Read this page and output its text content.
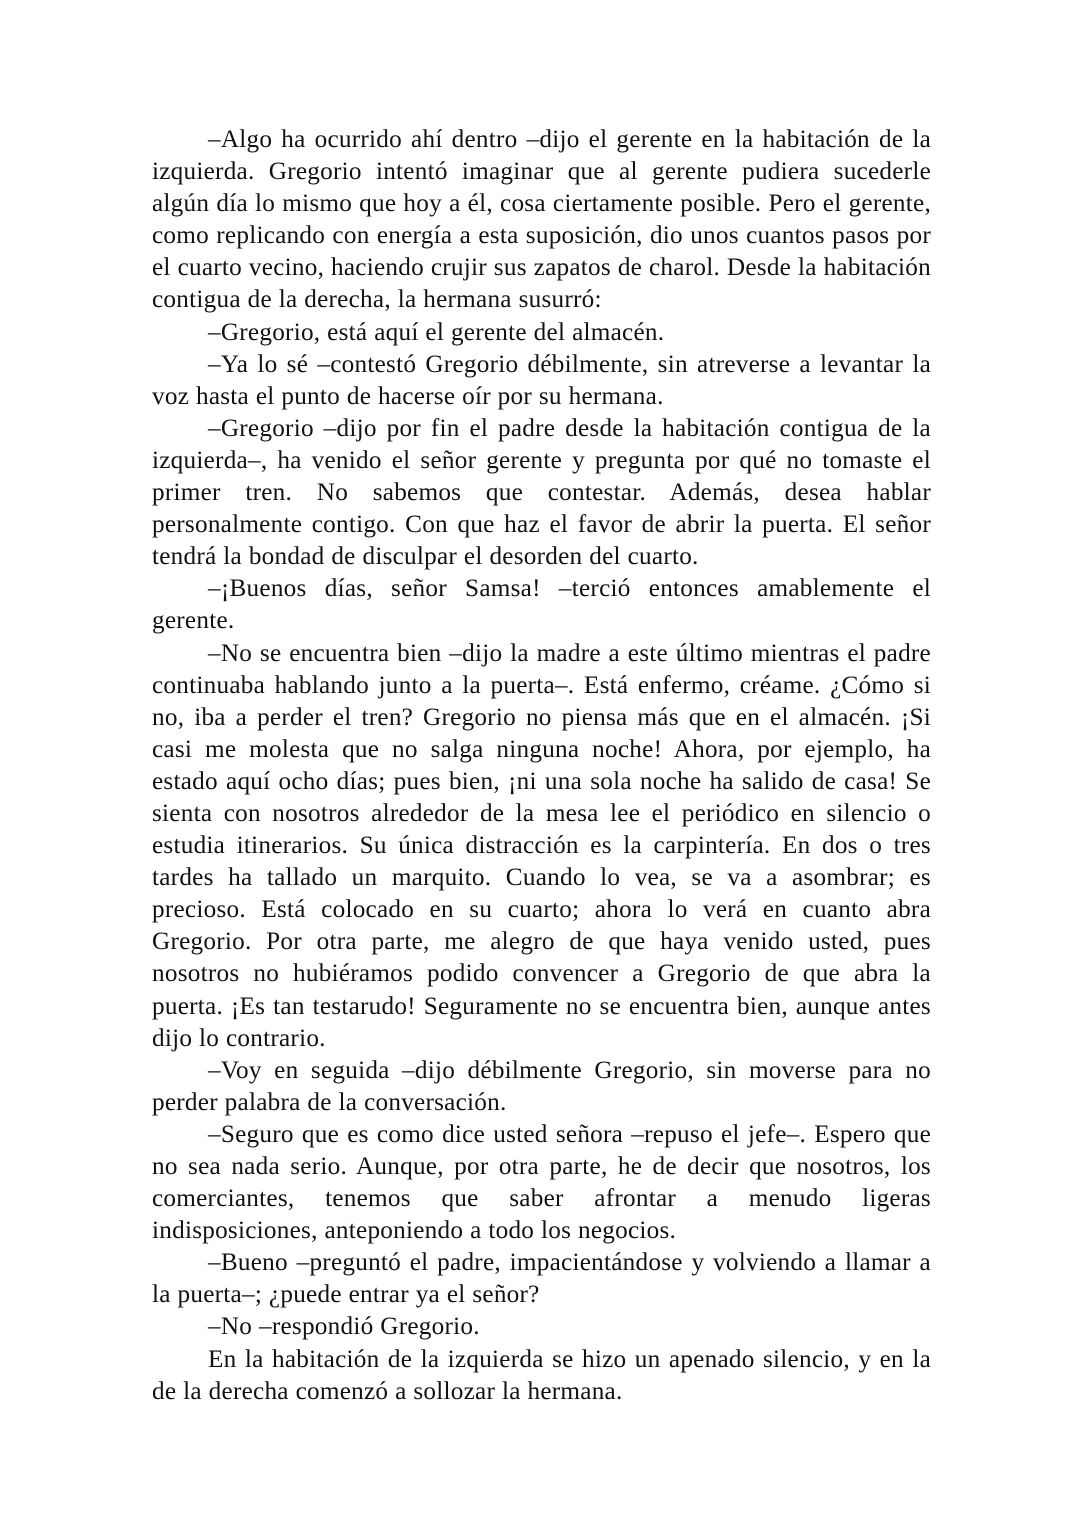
–Algo ha ocurrido ahí dentro –dijo el gerente en la habitación de la izquierda. Gregorio intentó imaginar que al gerente pudiera sucederle algún día lo mismo que hoy a él, cosa ciertamente posible. Pero el gerente, como replicando con energía a esta suposición, dio unos cuantos pasos por el cuarto vecino, haciendo crujir sus zapatos de charol. Desde la habitación contigua de la derecha, la hermana susurró:

–Gregorio, está aquí el gerente del almacén.

–Ya lo sé –contestó Gregorio débilmente, sin atreverse a levantar la voz hasta el punto de hacerse oír por su hermana.

–Gregorio –dijo por fin el padre desde la habitación contigua de la izquierda–, ha venido el señor gerente y pregunta por qué no tomaste el primer tren. No sabemos que contestar. Además, desea hablar personalmente contigo. Con que haz el favor de abrir la puerta. El señor tendrá la bondad de disculpar el desorden del cuarto.

–¡Buenos días, señor Samsa! –terció entonces amablemente el gerente.

–No se encuentra bien –dijo la madre a este último mientras el padre continuaba hablando junto a la puerta–. Está enfermo, créame. ¿Cómo si no, iba a perder el tren? Gregorio no piensa más que en el almacén. ¡Si casi me molesta que no salga ninguna noche! Ahora, por ejemplo, ha estado aquí ocho días; pues bien, ¡ni una sola noche ha salido de casa! Se sienta con nosotros alrededor de la mesa lee el periódico en silencio o estudia itinerarios. Su única distracción es la carpintería. En dos o tres tardes ha tallado un marquito. Cuando lo vea, se va a asombrar; es precioso. Está colocado en su cuarto; ahora lo verá en cuanto abra Gregorio. Por otra parte, me alegro de que haya venido usted, pues nosotros no hubiéramos podido convencer a Gregorio de que abra la puerta. ¡Es tan testarudo! Seguramente no se encuentra bien, aunque antes dijo lo contrario.

–Voy en seguida –dijo débilmente Gregorio, sin moverse para no perder palabra de la conversación.

–Seguro que es como dice usted señora –repuso el jefe–. Espero que no sea nada serio. Aunque, por otra parte, he de decir que nosotros, los comerciantes, tenemos que saber afrontar a menudo ligeras indisposiciones, anteponiendo a todo los negocios.

–Bueno –preguntó el padre, impacientándose y volviendo a llamar a la puerta–; ¿puede entrar ya el señor?

–No –respondió Gregorio.

En la habitación de la izquierda se hizo un apenado silencio, y en la de la derecha comenzó a sollozar la hermana.
